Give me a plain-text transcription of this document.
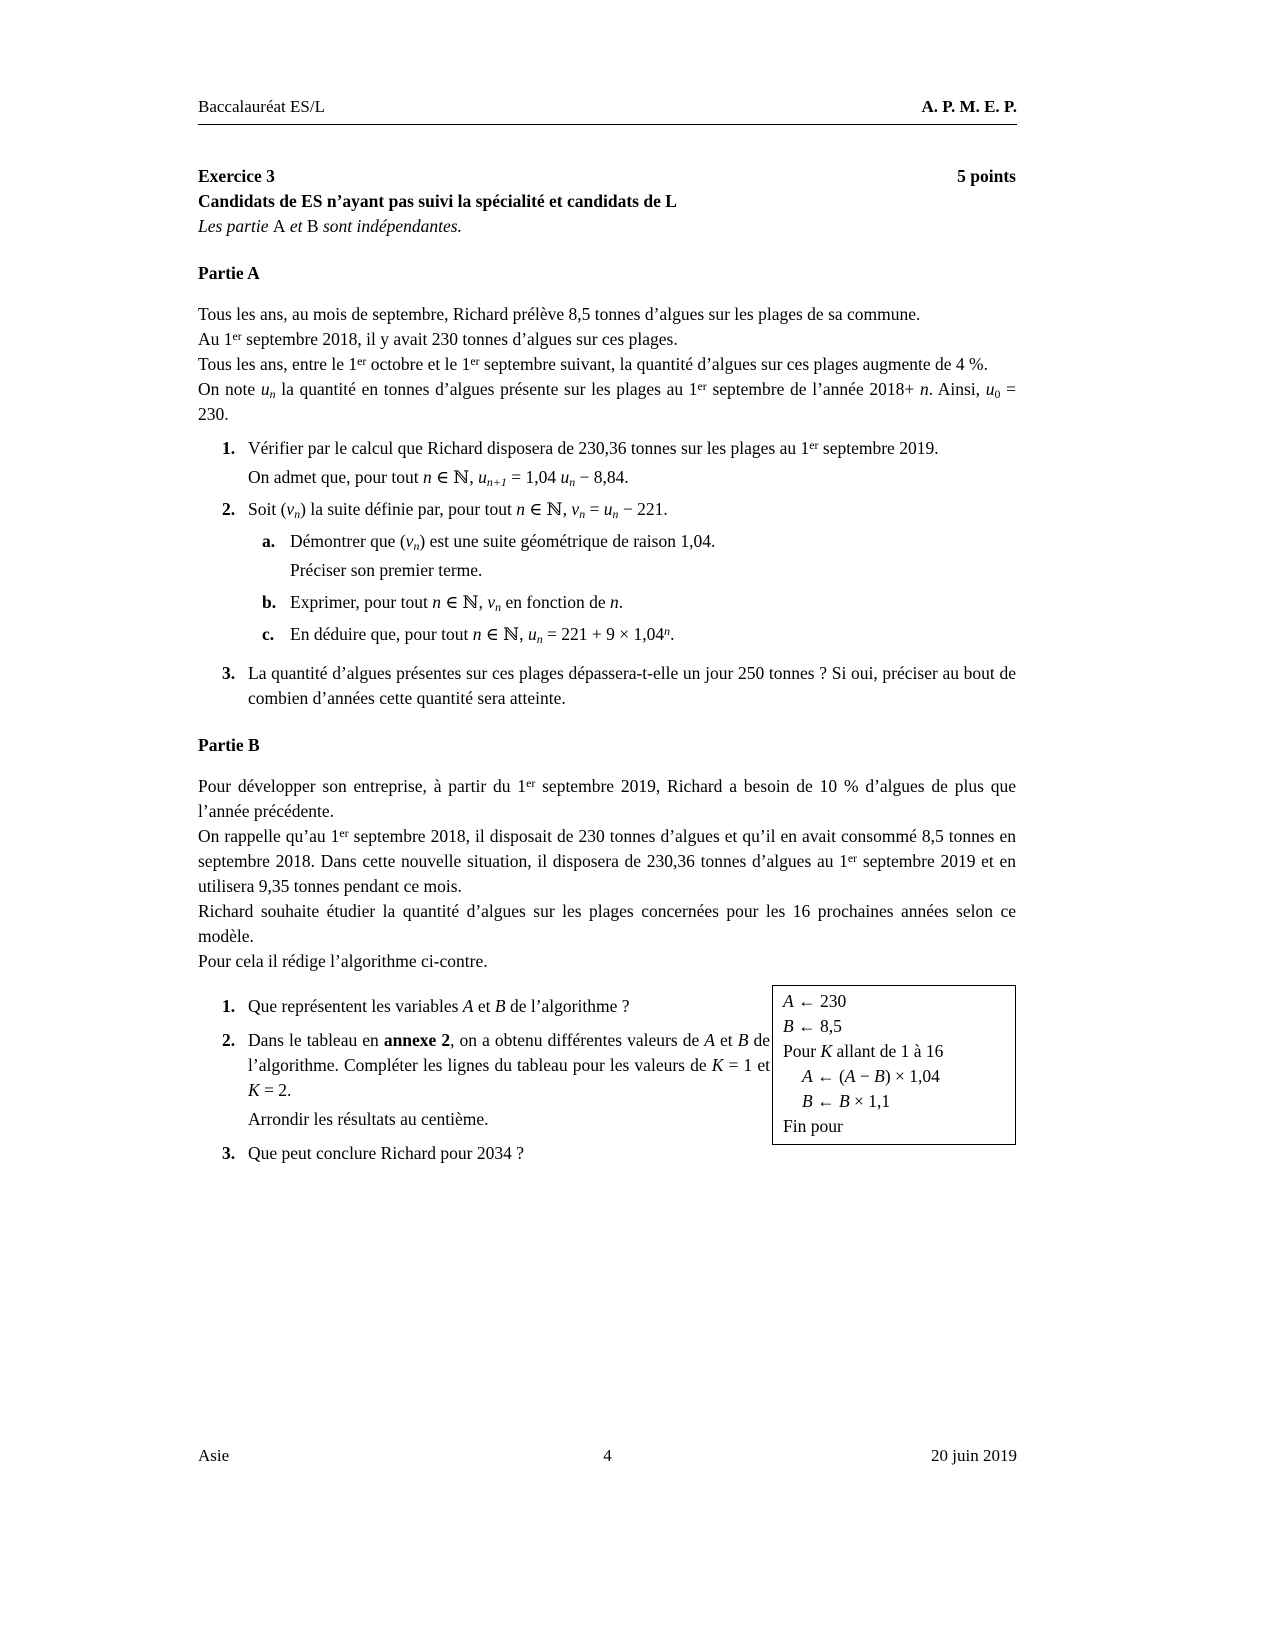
Baccalauréat ES/L	A. P. M. E. P.
Exercice 3	5 points
Candidats de ES n’ayant pas suivi la spécialité et candidats de L

Les partie A et B sont indépendantes.

Partie A

Tous les ans, au mois de septembre, Richard prélève 8,5 tonnes d’algues sur les plages de sa commune.

Au 1er septembre 2018, il y avait 230 tonnes d’algues sur ces plages.

Tous les ans, entre le 1er octobre et le 1er septembre suivant, la quantité d’algues sur ces plages augmente de 4 %.

On note $u_n$ la quantité en tonnes d’algues présente sur les plages au 1er septembre de l’année 2018+ n. Ainsi, $u_0 = 230$.

1. Vérifier par le calcul que Richard disposera de 230,36 tonnes sur les plages au 1er septembre 2019.

On admet que, pour tout n ∈ ℕ, $u_{n+1} = 1,04$ $u_n - 8,84$.

2. Soit $(v_n)$ la suite définie par, pour tout n ∈ ℕ, $v_n = u_n - 221$.

a. Démontrer que $(v_n)$ est une suite géométrique de raison 1,04.

Préciser son premier terme.

b. Exprimer, pour tout n ∈ ℕ, $v_n$ en fonction de n.

c. En déduire que, pour tout n ∈ ℕ, $u_n = 221 + 9 \times 1,04^n$.

3. La quantité d’algues présentes sur ces plages dépassera-t-elle un jour 250 tonnes ? Si oui, préciser au bout de combien d’années cette quantité sera atteinte.

Partie B

Pour développer son entreprise, à partir du 1er septembre 2019, Richard a besoin de 10 % d’algues de plus que l’année précédente.

On rappelle qu’au 1er septembre 2018, il disposait de 230 tonnes d’algues et qu’il en avait consommé 8,5 tonnes en septembre 2018. Dans cette nouvelle situation, il disposera de 230,36 tonnes d’algues au 1er septembre 2019 et en utilisera 9,35 tonnes pendant ce mois.

Richard souhaite étudier la quantité d’algues sur les plages concernées pour les 16 prochaines années selon ce modèle.

Pour cela il rédige l’algorithme ci-contre.

1. Que représentent les variables A et B de l’algorithme ?

2. Dans le tableau en annexe 2, on a obtenu différentes valeurs de A et B de l’algorithme. Compléter les lignes du tableau pour les valeurs de K = 1 et K = 2.

Arrondir les résultats au centième.

3. Que peut conclure Richard pour 2034 ?

A ← 230
B ← 8,5
Pour K allant de 1 à 16
A ← (A − B) × 1,04
B ← B × 1,1
Fin pour
4
Asie	20 juin 2019
